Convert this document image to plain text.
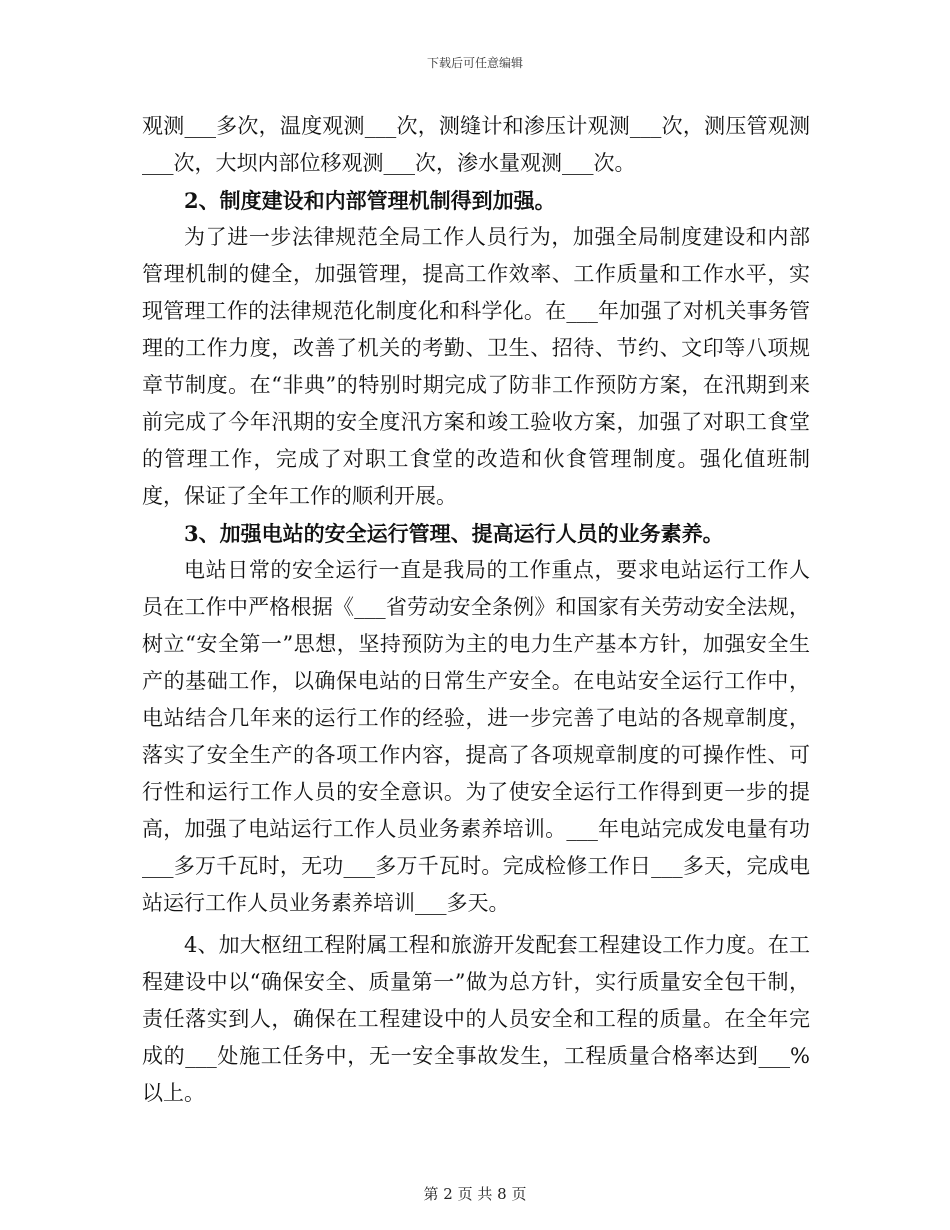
下载后可任意编辑

观测___多次，温度观测___次，测缝计和渗压计观测___次，测压管观测___次，大坝内部位移观测___次，渗水量观测___次。

2、制度建设和内部管理机制得到加强。

为了进一步法律规范全局工作人员行为，加强全局制度建设和内部管理机制的健全，加强管理，提高工作效率、工作质量和工作水平，实现管理工作的法律规范化制度化和科学化。在___年加强了对机关事务管理的工作力度，改善了机关的考勤、卫生、招待、节约、文印等八项规章节制度。在“非典”的特别时期完成了防非工作预防方案，在汛期到来前完成了今年汛期的安全度汛方案和竣工验收方案，加强了对职工食堂的管理工作，完成了对职工食堂的改造和伙食管理制度。强化值班制度，保证了全年工作的顺利开展。

3、加强电站的安全运行管理、提高运行人员的业务素养。

电站日常的安全运行一直是我局的工作重点，要求电站运行工作人员在工作中严格根据《___省劳动安全条例》和国家有关劳动安全法规，树立“安全第一”思想，坚持预防为主的电力生产基本方针，加强安全生产的基础工作，以确保电站的日常生产安全。在电站安全运行工作中，电站结合几年来的运行工作的经验，进一步完善了电站的各规章制度，落实了安全生产的各项工作内容，提高了各项规章制度的可操作性、可行性和运行工作人员的安全意识。为了使安全运行工作得到更一步的提高，加强了电站运行工作人员业务素养培训。___年电站完成发电量有功___多万千瓦时，无功___多万千瓦时。完成检修工作日___多天，完成电站运行工作人员业务素养培训___多天。

4、加大枢纽工程附属工程和旅游开发配套工程建设工作力度。在工程建设中以“确保安全、质量第一”做为总方针，实行质量安全包干制，责任落实到人，确保在工程建设中的人员安全和工程的质量。在全年完成的___处施工任务中，无一安全事故发生，工程质量合格率达到___%以上。

第 2 页 共 8 页
